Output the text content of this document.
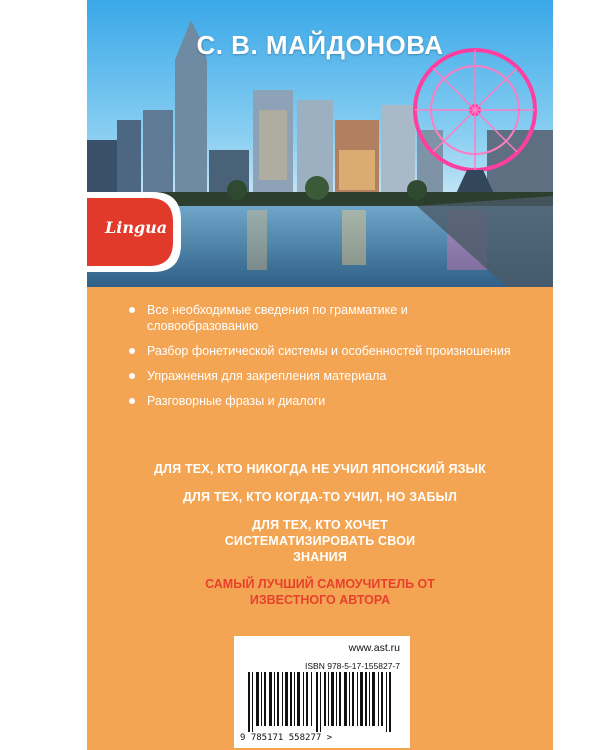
С. В. МАЙДОНОВА
Lingua
Все необходимые сведения по грамматике и словообразованию
Разбор фонетической системы и особенностей произношения
Упражнения для закрепления материала
Разговорные фразы и диалоги
ДЛЯ ТЕХ, КТО НИКОГДА НЕ УЧИЛ ЯПОНСКИЙ ЯЗЫК
ДЛЯ ТЕХ, КТО КОГДА-ТО УЧИЛ, НО ЗАБЫЛ
ДЛЯ ТЕХ, КТО ХОЧЕТ СИСТЕМАТИЗИРОВАТЬ СВОИ ЗНАНИЯ
САМЫЙ ЛУЧШИЙ САМОУЧИТЕЛЬ ОТ ИЗВЕСТНОГО АВТОРА
www.ast.ru
ISBN 978-5-17-155827-7
9 785171 558277 >
